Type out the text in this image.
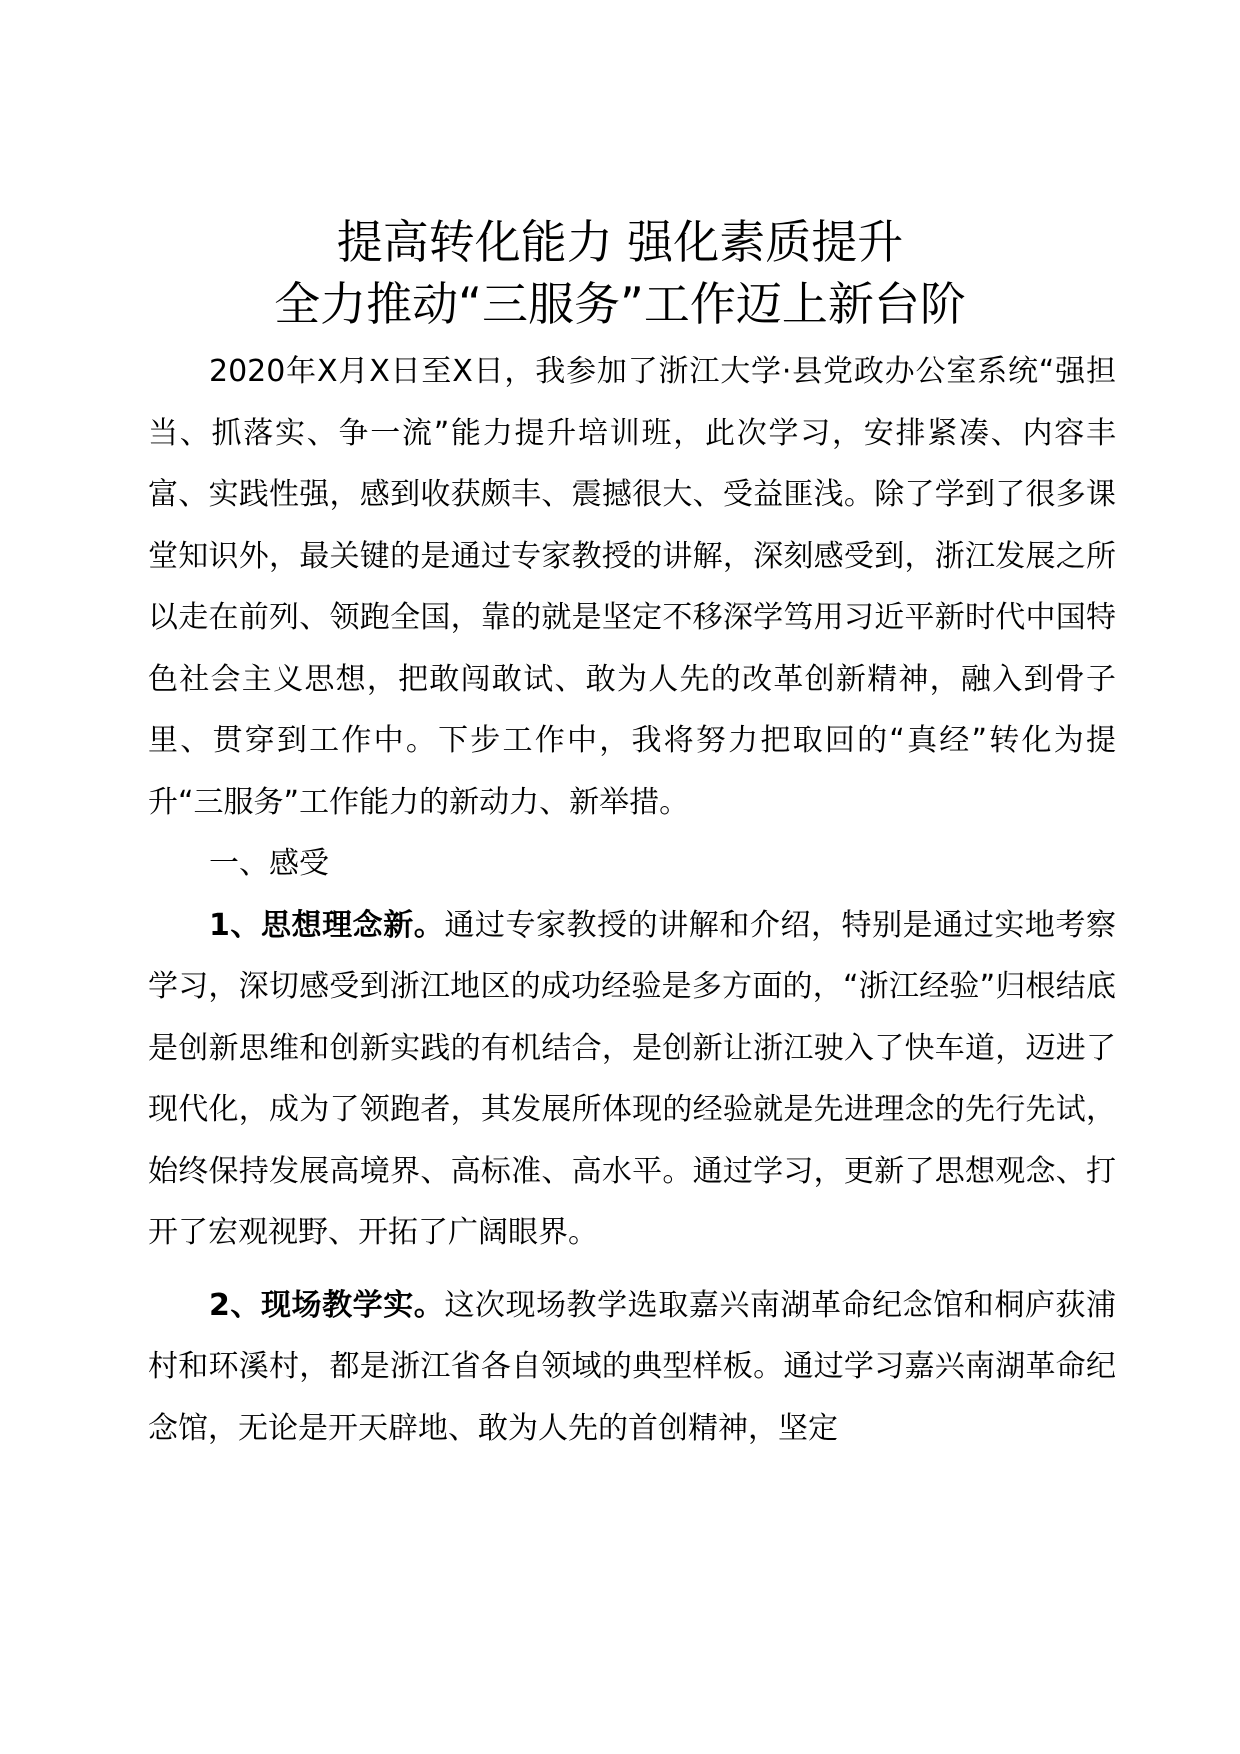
提高转化能力 强化素质提升
全力推动“三服务”工作迈上新台阶

2020年X月X日至X日，我参加了浙江大学·县党政办公室系统“强担当、抓落实、争一流”能力提升培训班，此次学习，安排紧凑、内容丰富、实践性强，感到收获颇丰、震撼很大、受益匪浅。除了学到了很多课堂知识外，最关键的是通过专家教授的讲解，深刻感受到，浙江发展之所以走在前列、领跑全国，靠的就是坚定不移深学笃用习近平新时代中国特色社会主义思想，把敢闯敢试、敢为人先的改革创新精神，融入到骨子里、贯穿到工作中。下步工作中，我将努力把取回的“真经”转化为提升“三服务”工作能力的新动力、新举措。

一、感受

1、思想理念新。通过专家教授的讲解和介绍，特别是通过实地考察学习，深切感受到浙江地区的成功经验是多方面的，“浙江经验”归根结底是创新思维和创新实践的有机结合，是创新让浙江驶入了快车道，迈进了现代化，成为了领跑者，其发展所体现的经验就是先进理念的先行先试，始终保持发展高境界、高标准、高水平。通过学习，更新了思想观念、打开了宏观视野、开拓了广阔眼界。

2、现场教学实。这次现场教学选取嘉兴南湖革命纪念馆和桐庐荻浦村和环溪村，都是浙江省各自领域的典型样板。通过学习嘉兴南湖革命纪念馆，无论是开天辟地、敢为人先的首创精神，坚定
